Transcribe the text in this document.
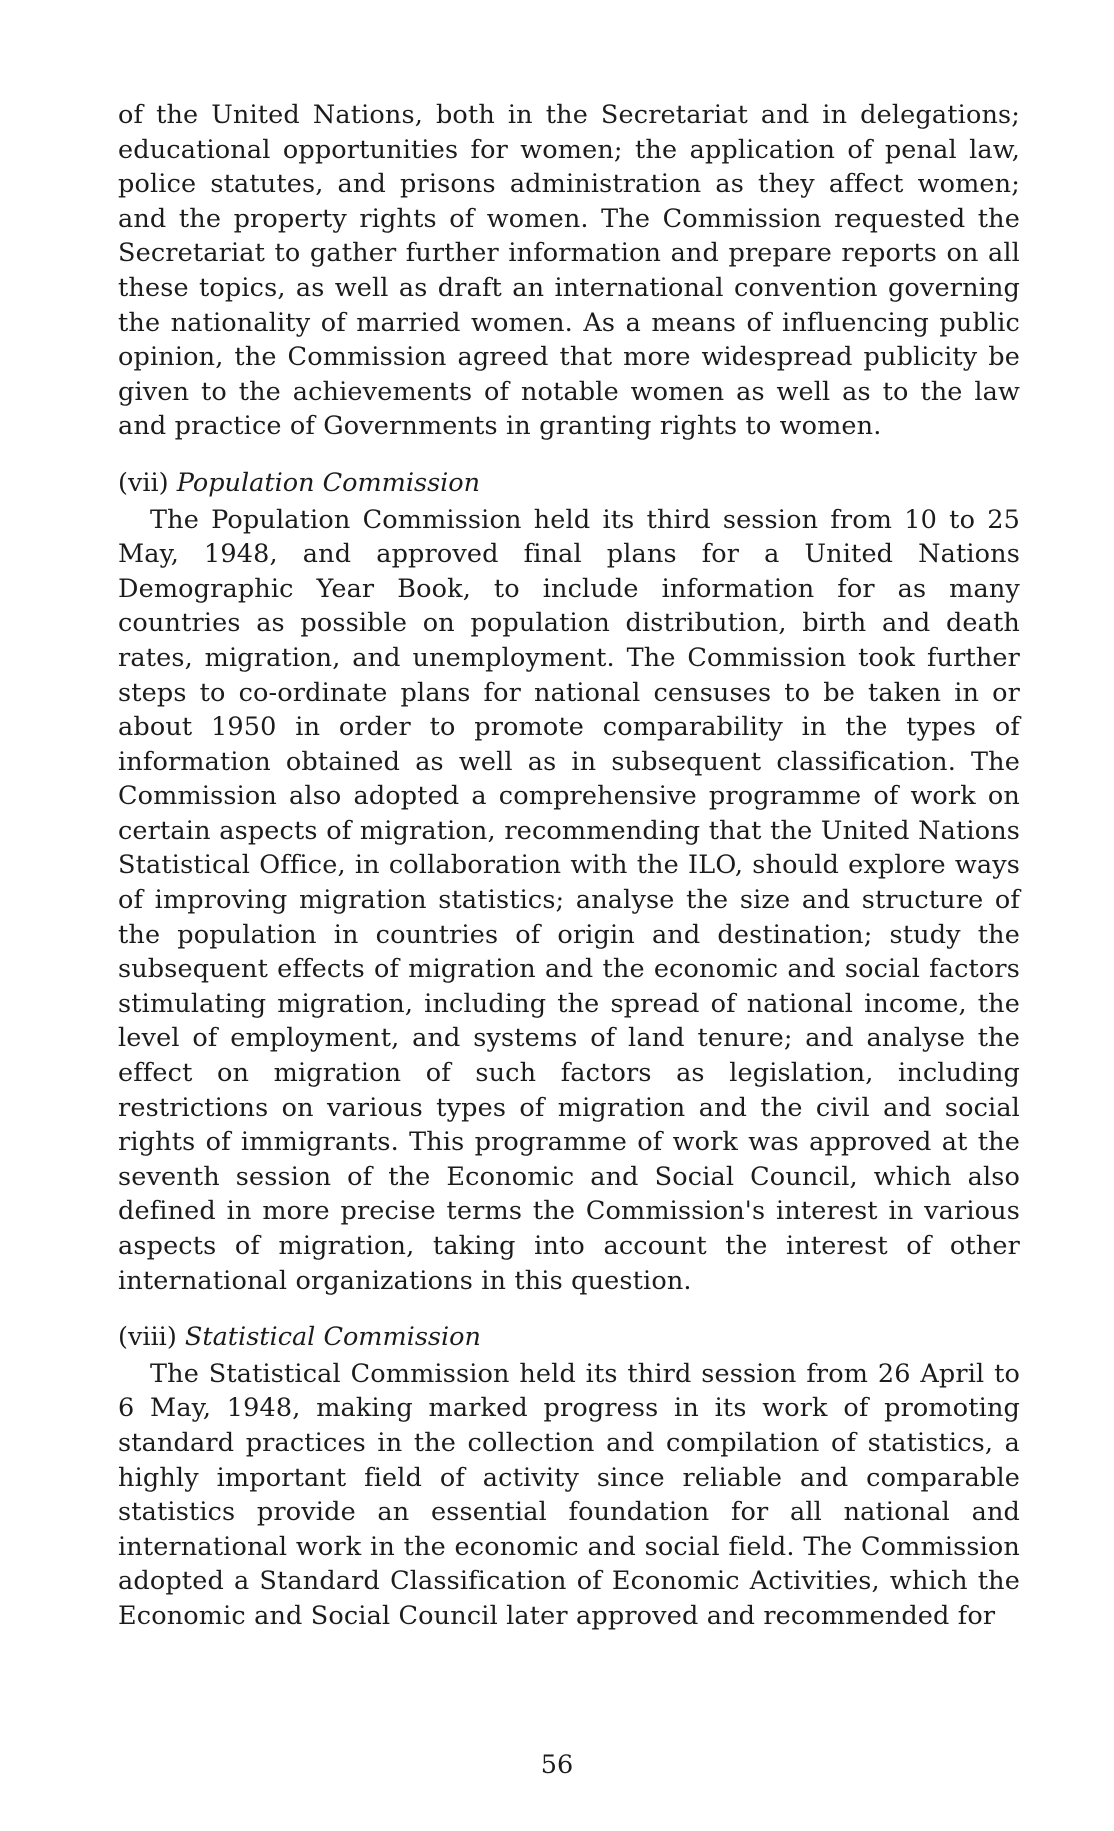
of the United Nations, both in the Secretariat and in delegations; educational opportunities for women; the application of penal law, police statutes, and prisons administration as they affect women; and the property rights of women. The Commission requested the Secretariat to gather further information and prepare reports on all these topics, as well as draft an international convention governing the nationality of married women. As a means of influencing public opinion, the Commission agreed that more widespread publicity be given to the achievements of notable women as well as to the law and practice of Governments in granting rights to women.

(vii) Population Commission

The Population Commission held its third session from 10 to 25 May, 1948, and approved final plans for a United Nations Demographic Year Book, to include information for as many countries as possible on population distribution, birth and death rates, migration, and unemployment. The Commission took further steps to co-ordinate plans for national censuses to be taken in or about 1950 in order to promote comparability in the types of information obtained as well as in subsequent classification. The Commission also adopted a comprehensive programme of work on certain aspects of migration, recommending that the United Nations Statistical Office, in collaboration with the ILO, should explore ways of improving migration statistics; analyse the size and structure of the population in countries of origin and destination; study the subsequent effects of migration and the economic and social factors stimulating migration, including the spread of national income, the level of employment, and systems of land tenure; and analyse the effect on migration of such factors as legislation, including restrictions on various types of migration and the civil and social rights of immigrants. This programme of work was approved at the seventh session of the Economic and Social Council, which also defined in more precise terms the Commission's interest in various aspects of migration, taking into account the interest of other international organizations in this question.

(viii) Statistical Commission

The Statistical Commission held its third session from 26 April to 6 May, 1948, making marked progress in its work of promoting standard practices in the collection and compilation of statistics, a highly important field of activity since reliable and comparable statistics provide an essential foundation for all national and international work in the economic and social field. The Commission adopted a Standard Classification of Economic Activities, which the Economic and Social Council later approved and recommended for

56
